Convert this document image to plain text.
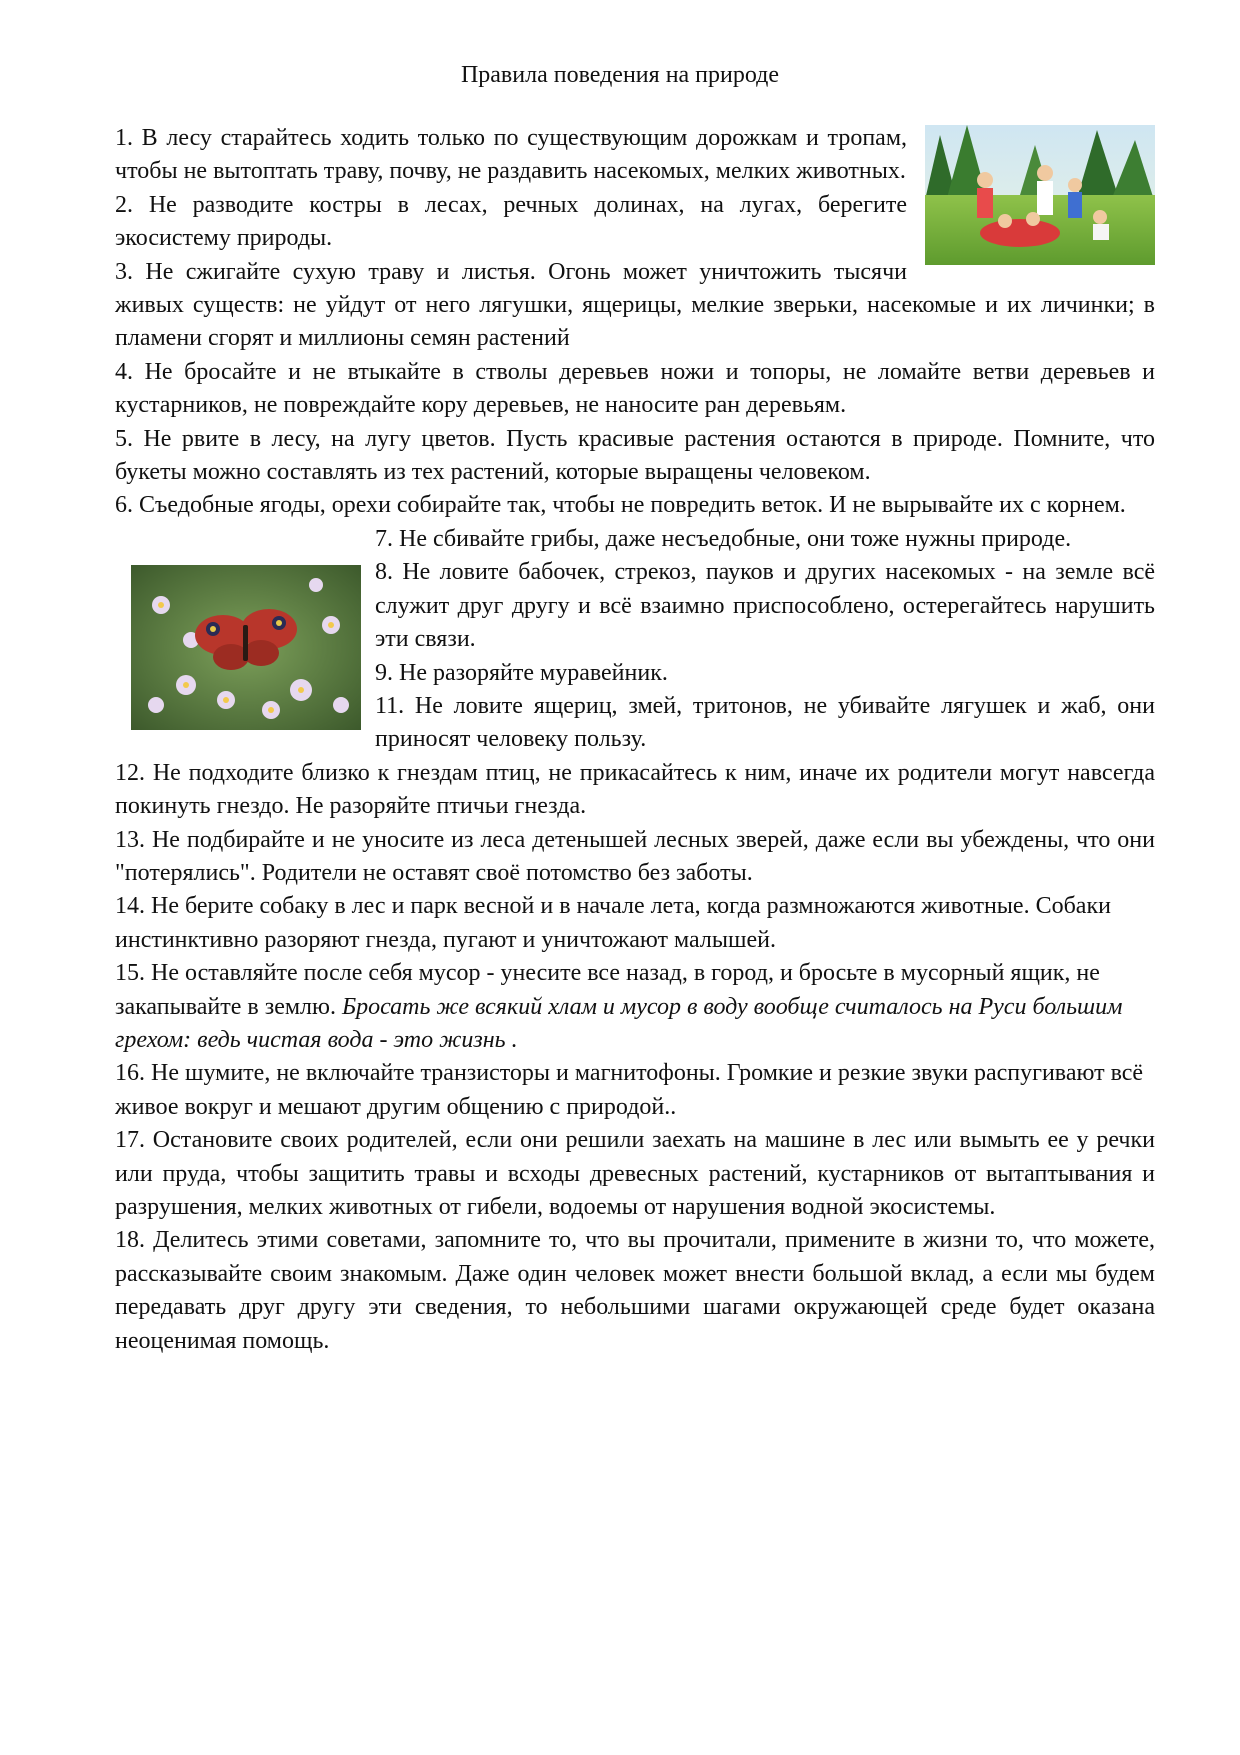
Правила поведения на природе

1. В лесу старайтесь ходить только по существующим дорожкам и тропам, чтобы не вытоптать траву, почву, не раздавить насекомых, мелких животных.

2. Не разводите костры в лесах, речных долинах, на лугах, берегите экосистему природы.

3. Не сжигайте сухую траву и листья. Огонь может уничтожить тысячи живых существ: не уйдут от него лягушки, ящерицы, мелкие зверьки, насекомые и их личинки; в пламени сгорят и миллионы семян растений

4. Не бросайте и не втыкайте в стволы деревьев ножи и топоры, не ломайте ветви деревьев и кустарников, не повреждайте кору деревьев, не наносите ран деревьям.

5. Не рвите в лесу, на лугу цветов. Пусть красивые растения остаются в природе. Помните, что букеты можно составлять из тех растений, которые выращены человеком.

6. Съедобные ягоды, орехи собирайте так, чтобы не повредить веток. И не вырывайте их с корнем.

7. Не сбивайте грибы, даже несъедобные, они тоже нужны природе.

8. Не ловите бабочек, стрекоз, пауков и других насекомых - на земле всё служит друг другу и всё взаимно приспособлено, остерегайтесь нарушить эти связи.

9. Не разоряйте муравейник.

11. Не ловите ящериц, змей, тритонов, не убивайте лягушек и жаб, они приносят человеку пользу.

12. Не подходите близко к гнездам птиц, не прикасайтесь к ним, иначе их родители могут навсегда покинуть гнездо. Не разоряйте птичьи гнезда.

13. Не подбирайте и не уносите из леса детенышей лесных зверей, даже если вы убеждены, что они "потерялись". Родители не оставят своё потомство без заботы.

14. Не берите собаку в лес и парк весной и в начале лета, когда размножаются животные. Собаки инстинктивно разоряют гнезда, пугают и уничтожают малышей.

15. Не оставляйте после себя мусор - унесите все назад, в город, и бросьте в мусорный ящик, не закапывайте в землю. Бросать же всякий хлам и мусор в воду вообще считалось на Руси большим грехом: ведь чистая вода - это жизнь .

16. Не шумите, не включайте транзисторы и магнитофоны. Громкие и резкие звуки распугивают всё живое вокруг и мешают другим общению с природой..

17. Остановите своих родителей, если они решили заехать на машине в лес или вымыть ее у речки или пруда, чтобы защитить травы и всходы древесных растений, кустарников от вытаптывания и разрушения, мелких животных от гибели, водоемы от нарушения водной экосистемы.

18. Делитесь этими советами, запомните то, что вы прочитали, примените в жизни то, что можете, рассказывайте своим знакомым. Даже один человек может внести большой вклад, а если мы будем передавать друг другу эти сведения, то небольшими шагами окружающей среде будет оказана неоценимая помощь.
